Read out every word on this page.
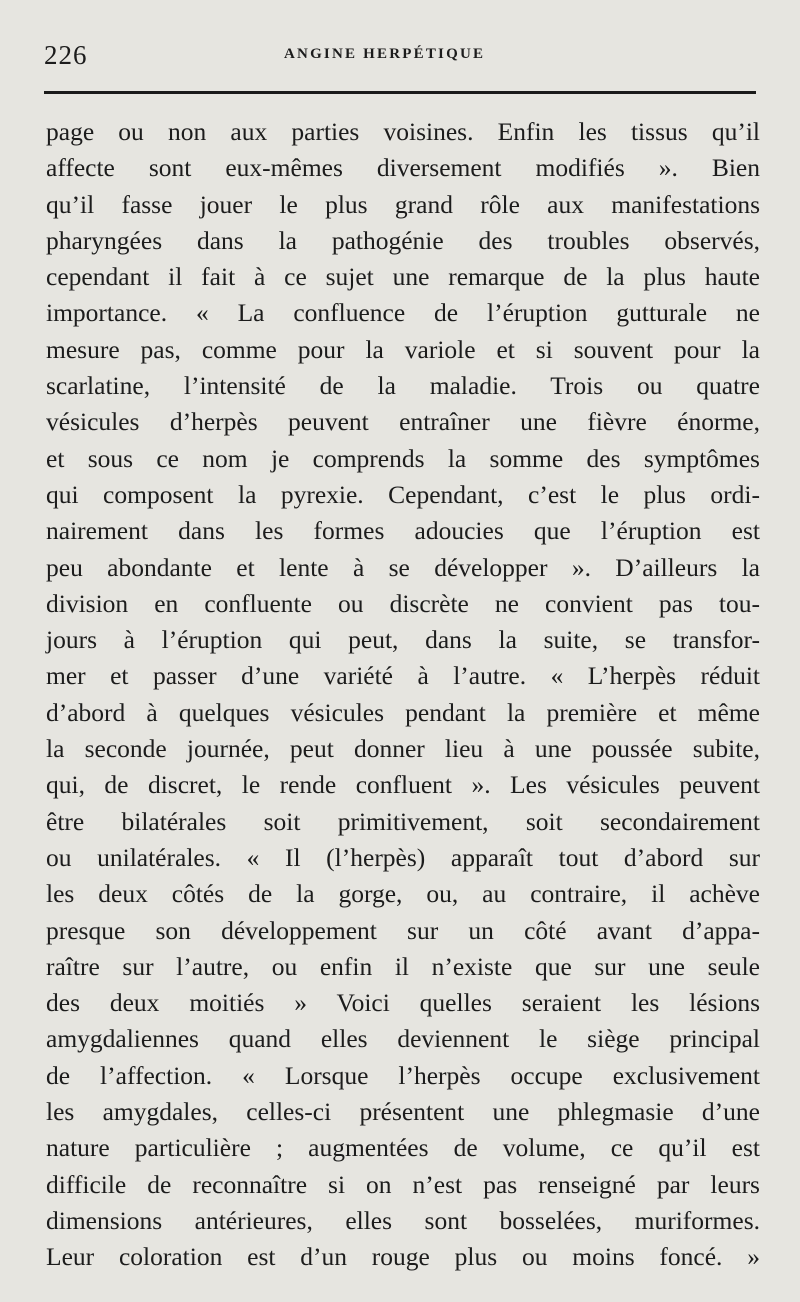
226	ANGINE HERPÉTIQUE
page ou non aux parties voisines. Enfin les tissus qu’il
affecte sont eux-mêmes diversement modifiés ». Bien
qu’il fasse jouer le plus grand rôle aux manifestations
pharyngées dans la pathogénie des troubles observés,
cependant il fait à ce sujet une remarque de la plus haute
importance. « La confluence de l’éruption gutturale ne
mesure pas, comme pour la variole et si souvent pour la
scarlatine, l’intensité de la maladie. Trois ou quatre
vésicules d’herpès peuvent entraîner une fièvre énorme,
et sous ce nom je comprends la somme des symptômes
qui composent la pyrexie. Cependant, c’est le plus ordi-
nairement dans les formes adoucies que l’éruption est
peu abondante et lente à se développer ». D’ailleurs la
division en confluente ou discrète ne convient pas tou-
jours à l’éruption qui peut, dans la suite, se transfor-
mer et passer d’une variété à l’autre. « L’herpès réduit
d’abord à quelques vésicules pendant la première et même
la seconde journée, peut donner lieu à une poussée subite,
qui, de discret, le rende confluent ». Les vésicules peuvent
être bilatérales soit primitivement, soit secondairement
ou unilatérales. « Il (l’herpès) apparaît tout d’abord sur
les deux côtés de la gorge, ou, au contraire, il achève
presque son développement sur un côté avant d’appa-
raître sur l’autre, ou enfin il n’existe que sur une seule
des deux moitiés » Voici quelles seraient les lésions
amygdaliennes quand elles deviennent le siège principal
de l’affection. « Lorsque l’herpès occupe exclusivement
les amygdales, celles-ci présentent une phlegmasie d’une
nature particulière ; augmentées de volume, ce qu’il est
difficile de reconnaître si on n’est pas renseigné par leurs
dimensions antérieures, elles sont bosselées, muriformes.
Leur coloration est d’un rouge plus ou moins foncé. »
